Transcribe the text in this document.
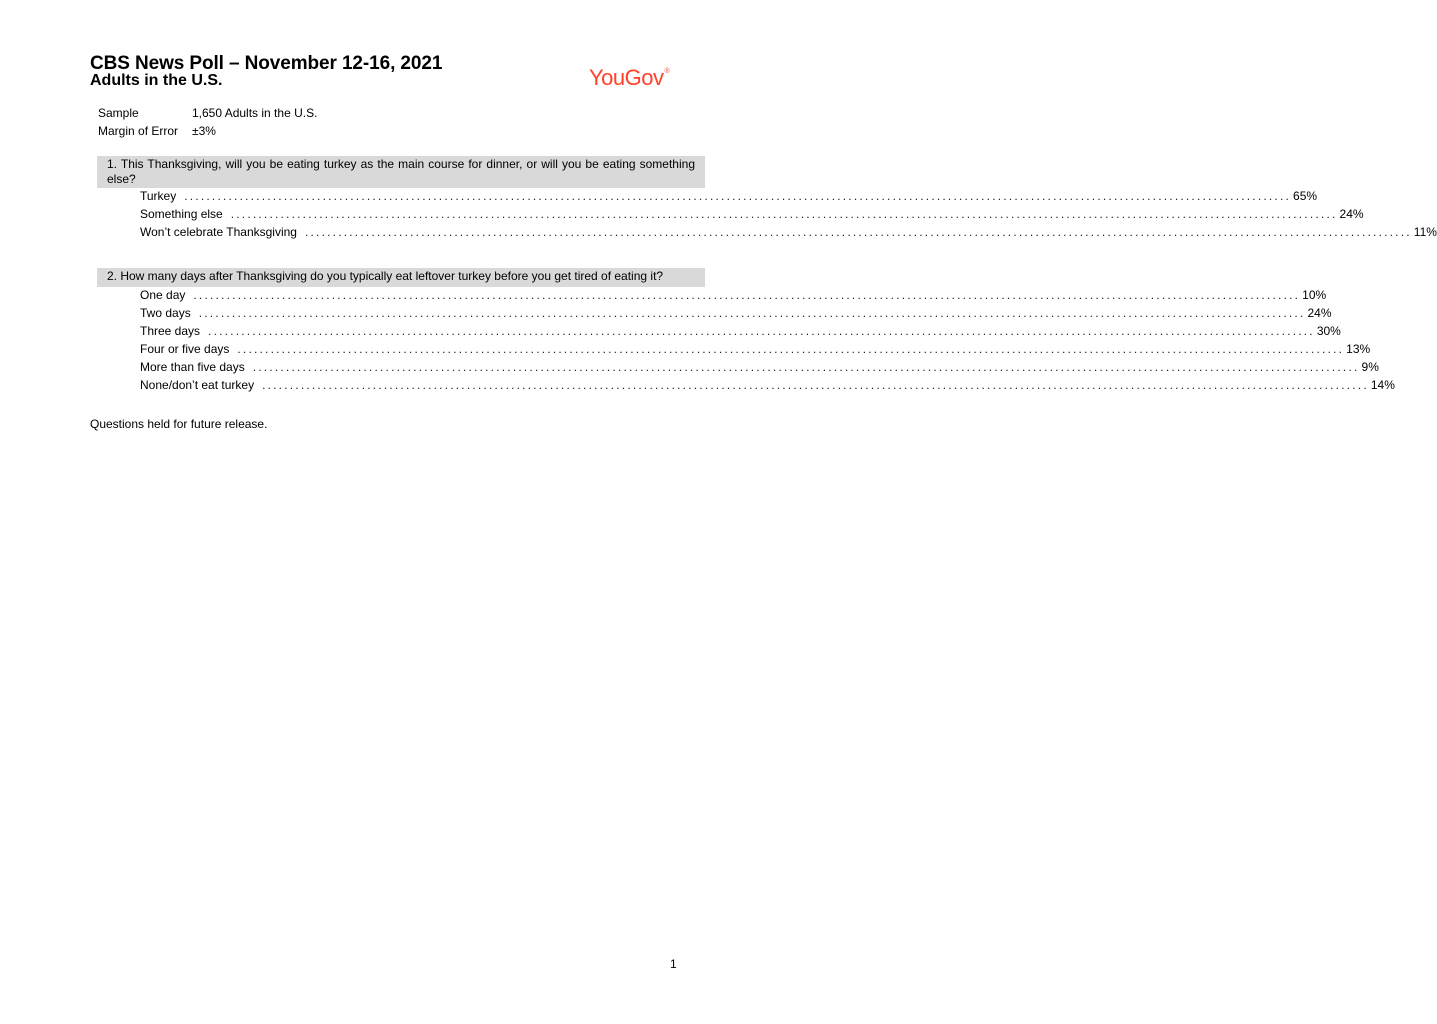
CBS News Poll – November 12-16, 2021
Adults in the U.S.	YouGov®
Sample	1,650 Adults in the U.S.
Margin of Error ±3%
1. This Thanksgiving, will you be eating turkey as the main course for dinner, or will you be eating something else?
Turkey ........................................................................................................................................................................................................ 65%
Something else ........................................................................................................................................................................................................ 24%
Won’t celebrate Thanksgiving ........................................................................................................................................................................................................ 11%
2. How many days after Thanksgiving do you typically eat leftover turkey before you get tired of eating it?
One day ........................................................................................................................................................................................................ 10%
Two days ........................................................................................................................................................................................................ 24%
Three days ........................................................................................................................................................................................................ 30%
Four or five days ........................................................................................................................................................................................................ 13%
More than five days ........................................................................................................................................................................................................ 9%
None/don’t eat turkey ........................................................................................................................................................................................................ 14%
Questions held for future release.
1
